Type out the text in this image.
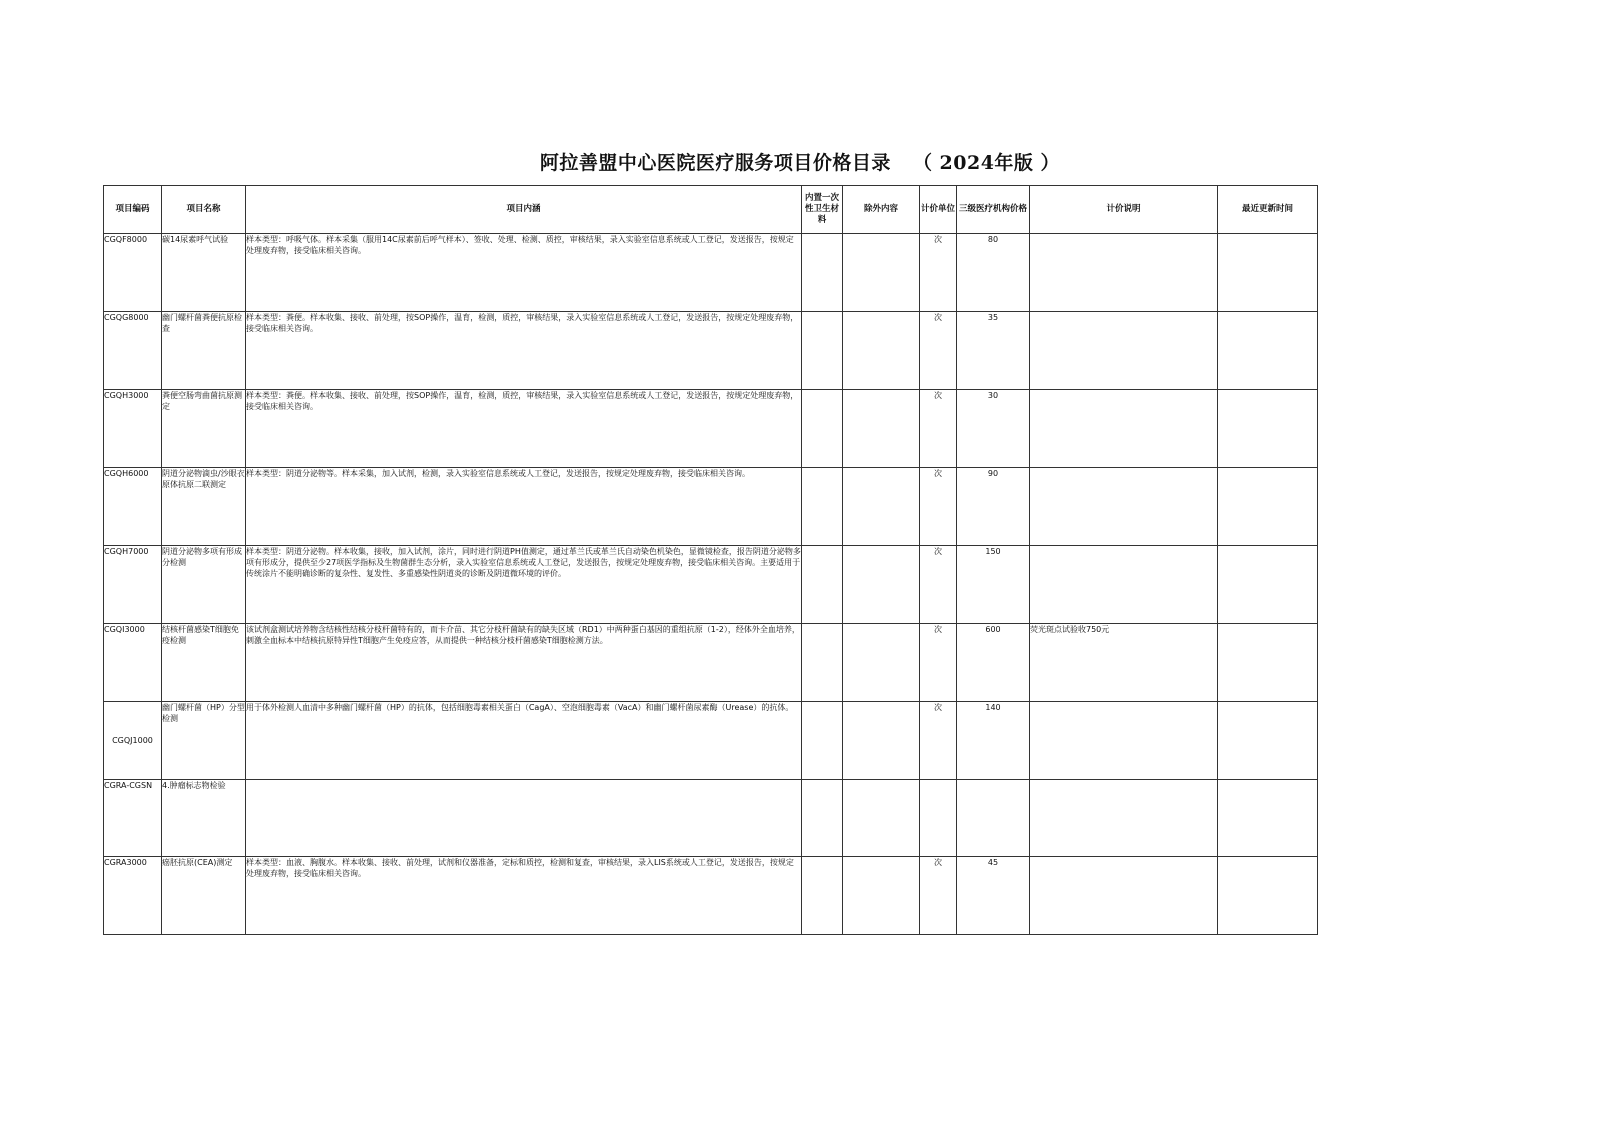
阿拉善盟中心医院医疗服务项目价格目录 （ 2024年版 ）
项目编码	项目名称	项目内涵	内置一次性卫生材料	除外内容	计价单位	三级医疗机构价格	计价说明	最近更新时间
CGQF8000	碳14尿素呼气试验	样本类型：呼吸气体。样本采集（服用14C尿素前后呼气样本）、签收、处理、检测、质控，审核结果，录入实验室信息系统或人工登记，发送报告，按规定处理废弃物，接受临床相关咨询。			次	80		
CGQG8000	幽门螺杆菌粪便抗原检查	样本类型：粪便。样本收集、接收、前处理，按SOP操作，温育，检测，质控，审核结果，录入实验室信息系统或人工登记，发送报告，按规定处理废弃物，接受临床相关咨询。			次	35		
CGQH3000	粪便空肠弯曲菌抗原测定	样本类型：粪便。样本收集、接收、前处理，按SOP操作，温育，检测，质控，审核结果，录入实验室信息系统或人工登记，发送报告，按规定处理废弃物，接受临床相关咨询。			次	30		
CGQH6000	阴道分泌物滴虫/沙眼衣原体抗原二联测定	样本类型：阴道分泌物等。样本采集，加入试剂，检测，录入实验室信息系统或人工登记，发送报告，按规定处理废弃物，接受临床相关咨询。			次	90		
CGQH7000	阴道分泌物多项有形成分检测	样本类型：阴道分泌物。样本收集，接收，加入试剂，涂片，同时进行阴道PH值测定，通过革兰氏或革兰氏自动染色机染色，显微镜检查，报告阴道分泌物多项有形成分，提供至少27项医学指标及生物菌群生态分析，录入实验室信息系统或人工登记，发送报告，按规定处理废弃物，接受临床相关咨询。主要适用于传统涂片不能明确诊断的复杂性、复发性、多重感染性阴道炎的诊断及阴道微环境的评价。			次	150		
CGQI3000	结核杆菌感染T细胞免疫检测	该试剂盒测试培养物含结核性结核分枝杆菌特有的，而卡介苗、其它分枝杆菌缺有的缺失区域（RD1）中两种蛋白基因的重组抗原（1-2），经体外全血培养，刺激全血标本中结核抗原特异性T细胞产生免疫应答，从而提供一种结核分枝杆菌感染T细胞检测方法。			次	600	荧光斑点试验收750元	
CGQJ1000	幽门螺杆菌（HP）分型检测	用于体外检测人血清中多种幽门螺杆菌（HP）的抗体，包括细胞毒素相关蛋白（CagA）、空泡细胞毒素（VacA）和幽门螺杆菌尿素酶（Urease）的抗体。			次	140		
CGRA-CGSN	4.肿瘤标志物检验							
CGRA3000	癌胚抗原(CEA)测定	样本类型：血液、胸腹水。样本收集、接收、前处理，试剂和仪器准备，定标和质控，检测和复查，审核结果，录入LIS系统或人工登记，发送报告，按规定处理废弃物，接受临床相关咨询。			次	45		
